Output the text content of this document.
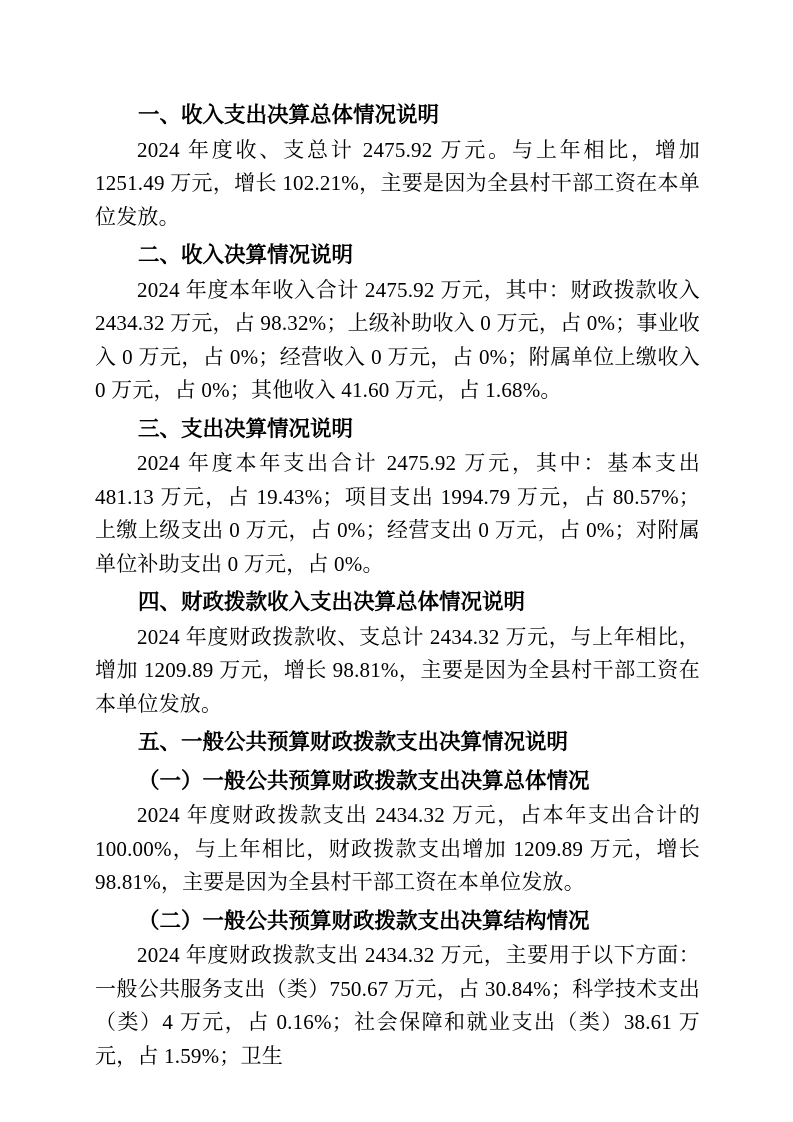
一、收入支出决算总体情况说明

2024 年度收、支总计 2475.92 万元。与上年相比，增加 1251.49 万元，增长 102.21%，主要是因为全县村干部工资在本单位发放。

二、收入决算情况说明

2024 年度本年收入合计 2475.92 万元，其中：财政拨款收入 2434.32 万元，占 98.32%；上级补助收入 0 万元，占 0%；事业收入 0 万元，占 0%；经营收入 0 万元，占 0%；附属单位上缴收入 0 万元，占 0%；其他收入 41.60 万元，占 1.68%。

三、支出决算情况说明

2024 年度本年支出合计 2475.92 万元，其中：基本支出 481.13 万元，占 19.43%；项目支出 1994.79 万元，占 80.57%；上缴上级支出 0 万元，占 0%；经营支出 0 万元，占 0%；对附属单位补助支出 0 万元，占 0%。

四、财政拨款收入支出决算总体情况说明

2024 年度财政拨款收、支总计 2434.32 万元，与上年相比，增加 1209.89 万元，增长 98.81%，主要是因为全县村干部工资在本单位发放。

五、一般公共预算财政拨款支出决算情况说明
（一）一般公共预算财政拨款支出决算总体情况

2024 年度财政拨款支出 2434.32 万元，占本年支出合计的 100.00%，与上年相比，财政拨款支出增加 1209.89 万元，增长 98.81%，主要是因为全县村干部工资在本单位发放。

（二）一般公共预算财政拨款支出决算结构情况

2024 年度财政拨款支出 2434.32 万元，主要用于以下方面：一般公共服务支出（类）750.67 万元，占 30.84%；科学技术支出（类）4 万元，占 0.16%；社会保障和就业支出（类）38.61 万元，占 1.59%；卫生
